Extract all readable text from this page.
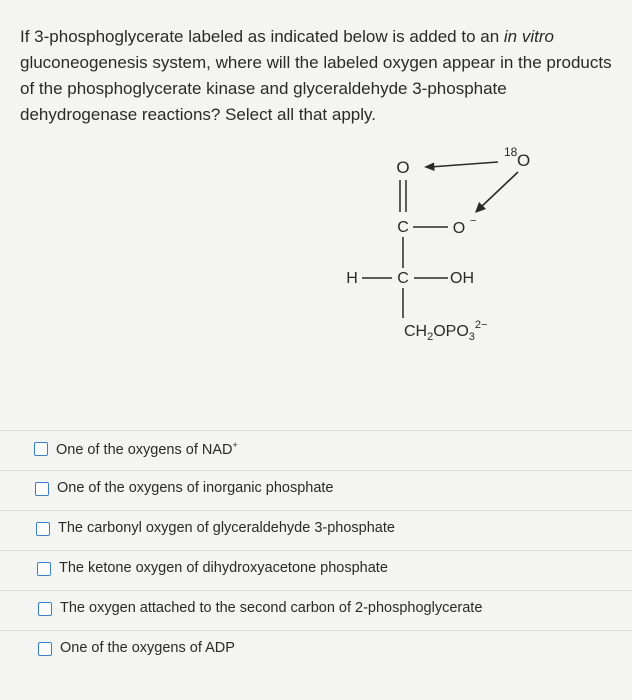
If 3-phosphoglycerate labeled as indicated below is added to an in vitro gluconeogenesis system, where will the labeled oxygen appear in the products of the phosphoglycerate kinase and glyceraldehyde 3-phosphate dehydrogenase reactions? Select all that apply.
O
C	O −
H C	OH
$CH_2OPO_3^{2-}$
18 O
One of the oxygens of NAD+
One of the oxygens of inorganic phosphate
The carbonyl oxygen of glyceraldehyde 3-phosphate
The ketone oxygen of dihydroxyacetone phosphate
The oxygen attached to the second carbon of 2-phosphoglycerate
One of the oxygens of ADP
